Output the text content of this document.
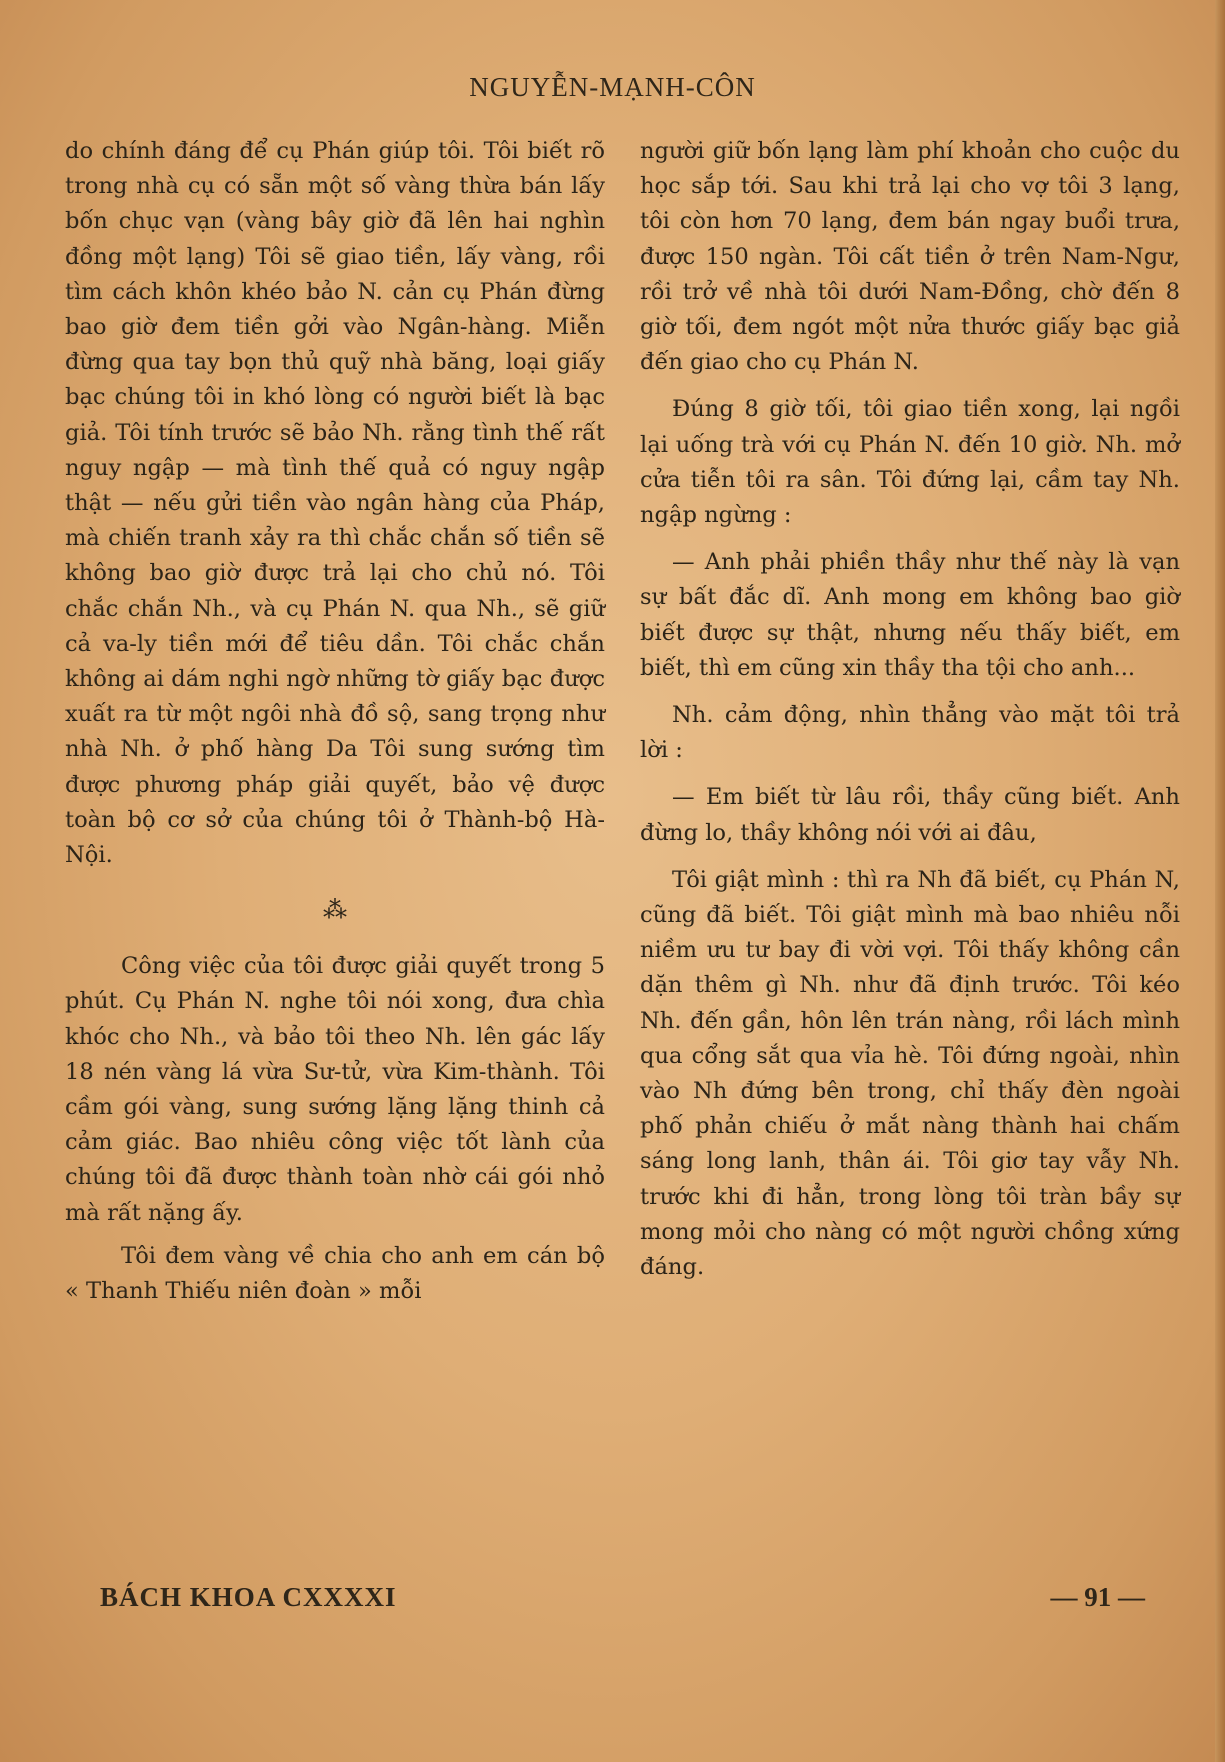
NGUYỄN-MẠNH-CÔN

do chính đáng để cụ Phán giúp tôi. Tôi biết rõ trong nhà cụ có sẵn một số vàng thừa bán lấy bốn chục vạn (vàng bây giờ đã lên hai nghìn đồng một lạng) Tôi sẽ giao tiền, lấy vàng, rồi tìm cách khôn khéo bảo N. cản cụ Phán đừng bao giờ đem tiền gởi vào Ngân-hàng. Miễn đừng qua tay bọn thủ quỹ nhà băng, loại giấy bạc chúng tôi in khó lòng có người biết là bạc giả. Tôi tính trước sẽ bảo Nh. rằng tình thế rất nguy ngập — mà tình thế quả có nguy ngập thật — nếu gửi tiền vào ngân hàng của Pháp, mà chiến tranh xảy ra thì chắc chắn số tiền sẽ không bao giờ được trả lại cho chủ nó. Tôi chắc chắn Nh., và cụ Phán N. qua Nh., sẽ giữ cả va-ly tiền mới để tiêu dần. Tôi chắc chắn không ai dám nghi ngờ những tờ giấy bạc được xuất ra từ một ngôi nhà đồ sộ, sang trọng như nhà Nh. ở phố hàng Da Tôi sung sướng tìm được phương pháp giải quyết, bảo vệ được toàn bộ cơ sở của chúng tôi ở Thành-bộ Hà-Nội.

⁂

Công việc của tôi được giải quyết trong 5 phút. Cụ Phán N. nghe tôi nói xong, đưa chìa khóc cho Nh., và bảo tôi theo Nh. lên gác lấy 18 nén vàng lá vừa Sư-tử, vừa Kim-thành. Tôi cầm gói vàng, sung sướng lặng lặng thinh cả cảm giác. Bao nhiêu công việc tốt lành của chúng tôi đã được thành toàn nhờ cái gói nhỏ mà rất nặng ấy.

Tôi đem vàng về chia cho anh em cán bộ « Thanh Thiếu niên đoàn » mỗi

người giữ bốn lạng làm phí khoản cho cuộc du học sắp tới. Sau khi trả lại cho vợ tôi 3 lạng, tôi còn hơn 70 lạng, đem bán ngay buổi trưa, được 150 ngàn. Tôi cất tiền ở trên Nam-Ngư, rồi trở về nhà tôi dưới Nam-Đồng, chờ đến 8 giờ tối, đem ngót một nửa thước giấy bạc giả đến giao cho cụ Phán N.

Đúng 8 giờ tối, tôi giao tiền xong, lại ngồi lại uống trà với cụ Phán N. đến 10 giờ. Nh. mở cửa tiễn tôi ra sân. Tôi đứng lại, cầm tay Nh. ngập ngừng :

— Anh phải phiền thầy như thế này là vạn sự bất đắc dĩ. Anh mong em không bao giờ biết được sự thật, nhưng nếu thấy biết, em biết, thì em cũng xin thầy tha tội cho anh...

Nh. cảm động, nhìn thẳng vào mặt tôi trả lời :

— Em biết từ lâu rồi, thầy cũng biết. Anh đừng lo, thầy không nói với ai đâu,

Tôi giật mình : thì ra Nh đã biết, cụ Phán N, cũng đã biết. Tôi giật mình mà bao nhiêu nỗi niềm ưu tư bay đi vời vợi. Tôi thấy không cần dặn thêm gì Nh. như đã định trước. Tôi kéo Nh. đến gần, hôn lên trán nàng, rồi lách mình qua cổng sắt qua vỉa hè. Tôi đứng ngoài, nhìn vào Nh đứng bên trong, chỉ thấy đèn ngoài phố phản chiếu ở mắt nàng thành hai chấm sáng long lanh, thân ái. Tôi giơ tay vẫy Nh. trước khi đi hẳn, trong lòng tôi tràn bầy sự mong mỏi cho nàng có một người chồng xứng đáng.

BÁCH KHOA CXXXXI	— 91 —
